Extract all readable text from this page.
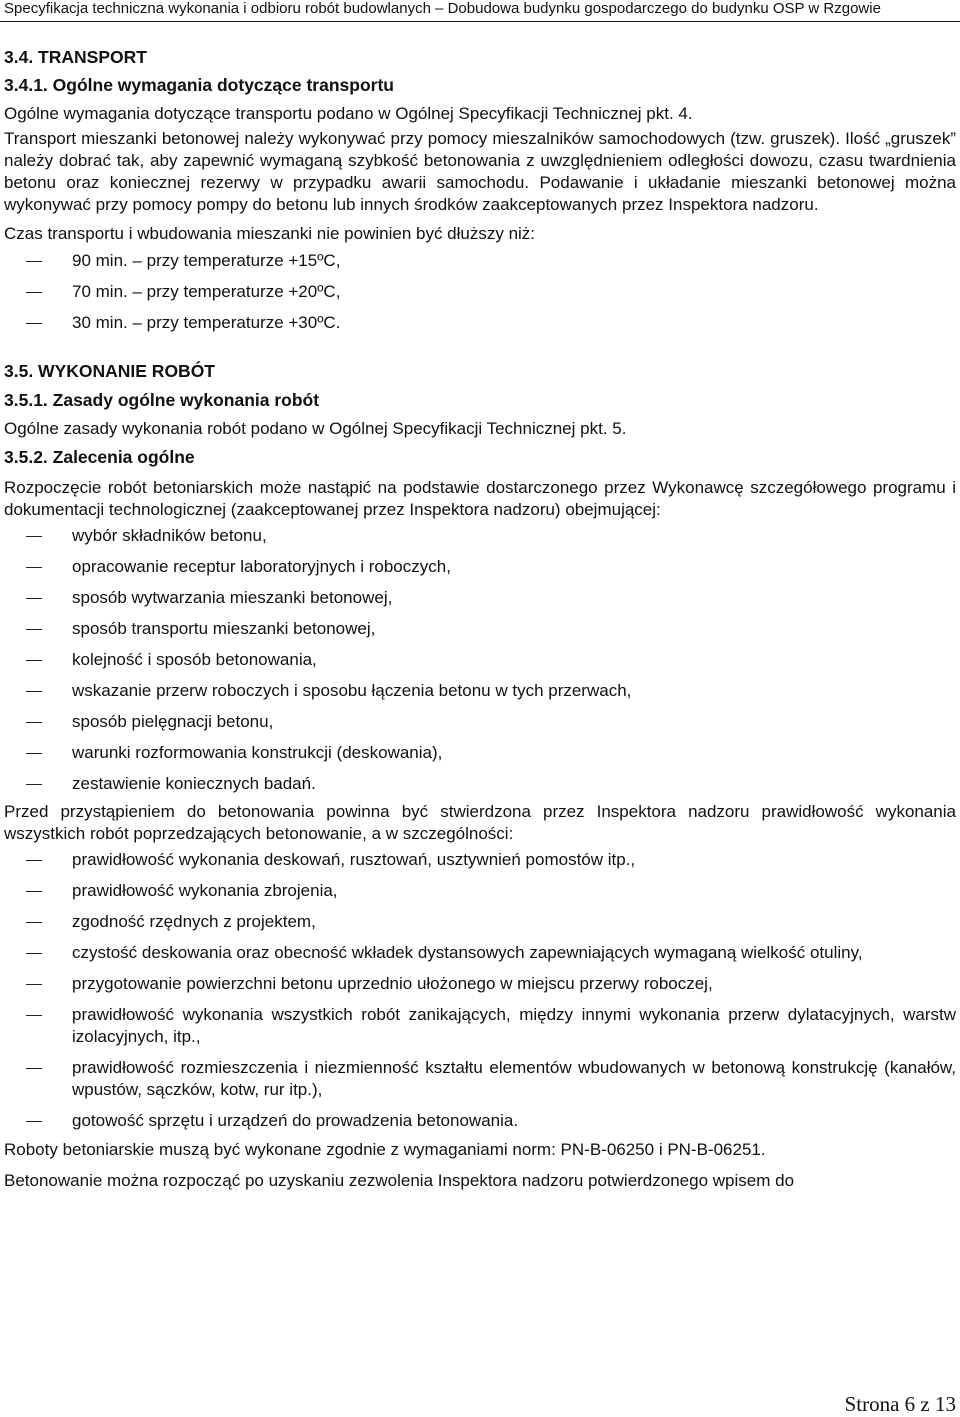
Specyfikacja techniczna wykonania i odbioru robót budowlanych – Dobudowa budynku gospodarczego do budynku OSP w Rzgowie

3.4. TRANSPORT

3.4.1. Ogólne wymagania dotyczące transportu

Ogólne wymagania dotyczące transportu podano w Ogólnej Specyfikacji Technicznej pkt. 4.

Transport mieszanki betonowej należy wykonywać przy pomocy mieszalników samochodowych (tzw. gruszek). Ilość „gruszek” należy dobrać tak, aby zapewnić wymaganą szybkość betonowania z uwzględnieniem odległości dowozu, czasu twardnienia betonu oraz koniecznej rezerwy w przypadku awarii samochodu. Podawanie i układanie mieszanki betonowej można wykonywać przy pomocy pompy do betonu lub innych środków zaakceptowanych przez Inspektora nadzoru.

Czas transportu i wbudowania mieszanki nie powinien być dłuższy niż:

90 min. – przy temperaturze +15ºC,
70 min. – przy temperaturze +20ºC,
30 min. – przy temperaturze +30ºC.

3.5. WYKONANIE ROBÓT

3.5.1. Zasady ogólne wykonania robót

Ogólne zasady wykonania robót podano w Ogólnej Specyfikacji Technicznej pkt. 5.

3.5.2. Zalecenia ogólne

Rozpoczęcie robót betoniarskich może nastąpić na podstawie dostarczonego przez Wykonawcę szczegółowego programu i dokumentacji technologicznej (zaakceptowanej przez Inspektora nadzoru) obejmującej:

wybór składników betonu,
opracowanie receptur laboratoryjnych i roboczych,
sposób wytwarzania mieszanki betonowej,
sposób transportu mieszanki betonowej,
kolejność i sposób betonowania,
wskazanie przerw roboczych i sposobu łączenia betonu w tych przerwach,
sposób pielęgnacji betonu,
warunki rozformowania konstrukcji (deskowania),
zestawienie koniecznych badań.

Przed przystąpieniem do betonowania powinna być stwierdzona przez Inspektora nadzoru prawidłowość wykonania wszystkich robót poprzedzających betonowanie, a w szczególności:

prawidłowość wykonania deskowań, rusztowań, usztywnień pomostów itp.,
prawidłowość wykonania zbrojenia,
zgodność rzędnych z projektem,
czystość deskowania oraz obecność wkładek dystansowych zapewniających wymaganą wielkość otuliny,
przygotowanie powierzchni betonu uprzednio ułożonego w miejscu przerwy roboczej,
prawidłowość wykonania wszystkich robót zanikających, między innymi wykonania przerw dylatacyjnych, warstw izolacyjnych, itp.,
prawidłowość rozmieszczenia i niezmienność kształtu elementów wbudowanych w betonową konstrukcję (kanałów, wpustów, sączków, kotw, rur itp.),
gotowość sprzętu i urządzeń do prowadzenia betonowania.

Roboty betoniarskie muszą być wykonane zgodnie z wymaganiami norm: PN-B-06250 i PN-B-06251.

Betonowanie można rozpocząć po uzyskaniu zezwolenia Inspektora nadzoru potwierdzonego wpisem do

Strona 6 z 13
